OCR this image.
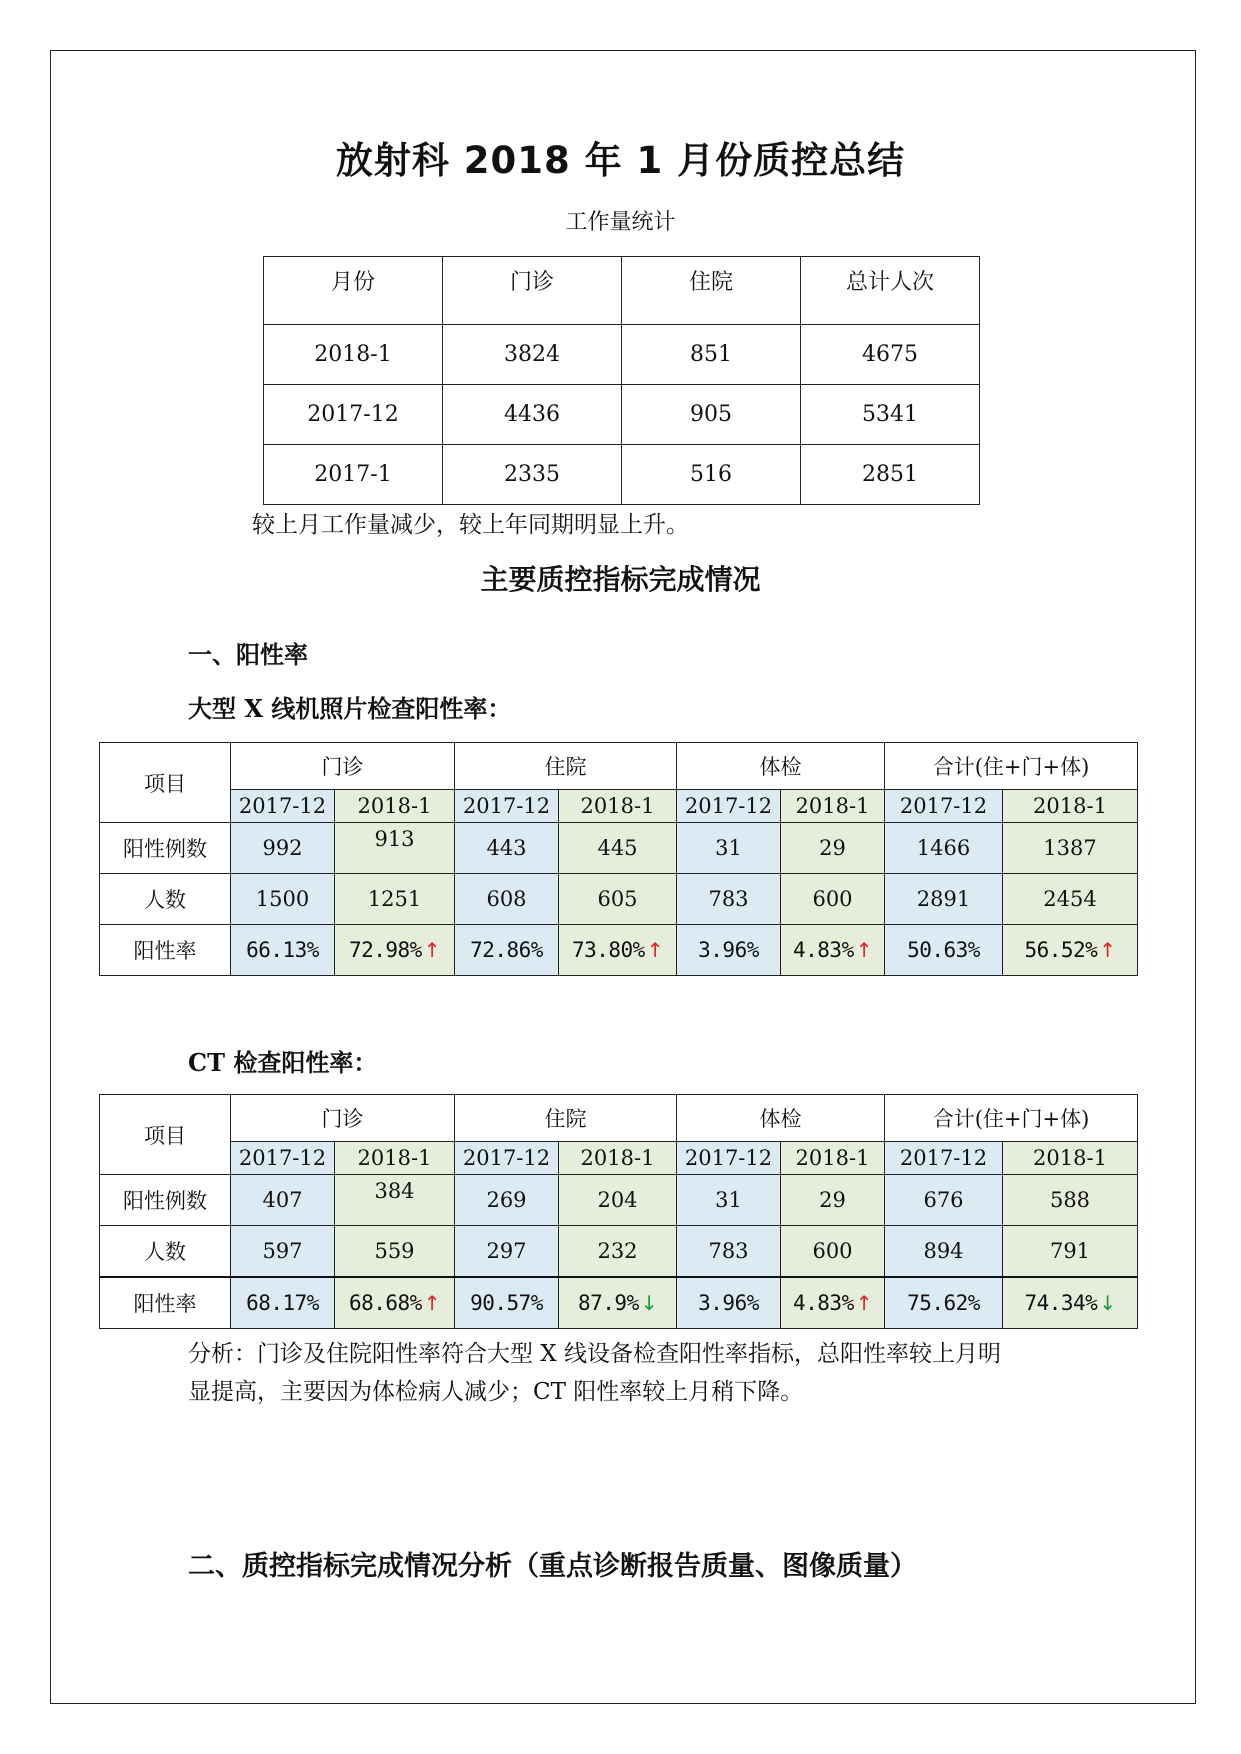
放射科 2018 年 1 月份质控总结
工作量统计
月份	门诊	住院	总计人次
2018-1	3824	851	4675
2017-12	4436	905	5341
2017-1	2335	516	2851
较上月工作量减少，较上年同期明显上升。
主要质控指标完成情况
一、阳性率
大型 X 线机照片检查阳性率：
项目	门诊		住院		体检		合计(住+门+体)	
	2017-12	2018-1	2017-12	2018-1	2017-12	2018-1	2017-12	2018-1
阳性例数	992	913	443	445	31	29	1466	1387
人数	1500	1251	608	605	783	600	2891	2454
阳性率	66.13%	72.98% ↑	72.86%	73.80% ↑	3.96%	4.83% ↑	50.63%	56.52% ↑
CT 检查阳性率：
项目	门诊		住院		体检		合计(住+门+体)	
	2017-12	2018-1	2017-12	2018-1	2017-12	2018-1	2017-12	2018-1
阳性例数	407	384	269	204	31	29	676	588
人数	597	559	297	232	783	600	894	791
阳性率	68.17%	68.68% ↑	90.57%	87.9% ↓	3.96%	4.83% ↑	75.62%	74.34% ↓
分析：门诊及住院阳性率符合大型 X 线设备检查阳性率指标，总阳性率较上月明
显提高，主要因为体检病人减少；CT 阳性率较上月稍下降。
二、质控指标完成情况分析（重点诊断报告质量、图像质量）
